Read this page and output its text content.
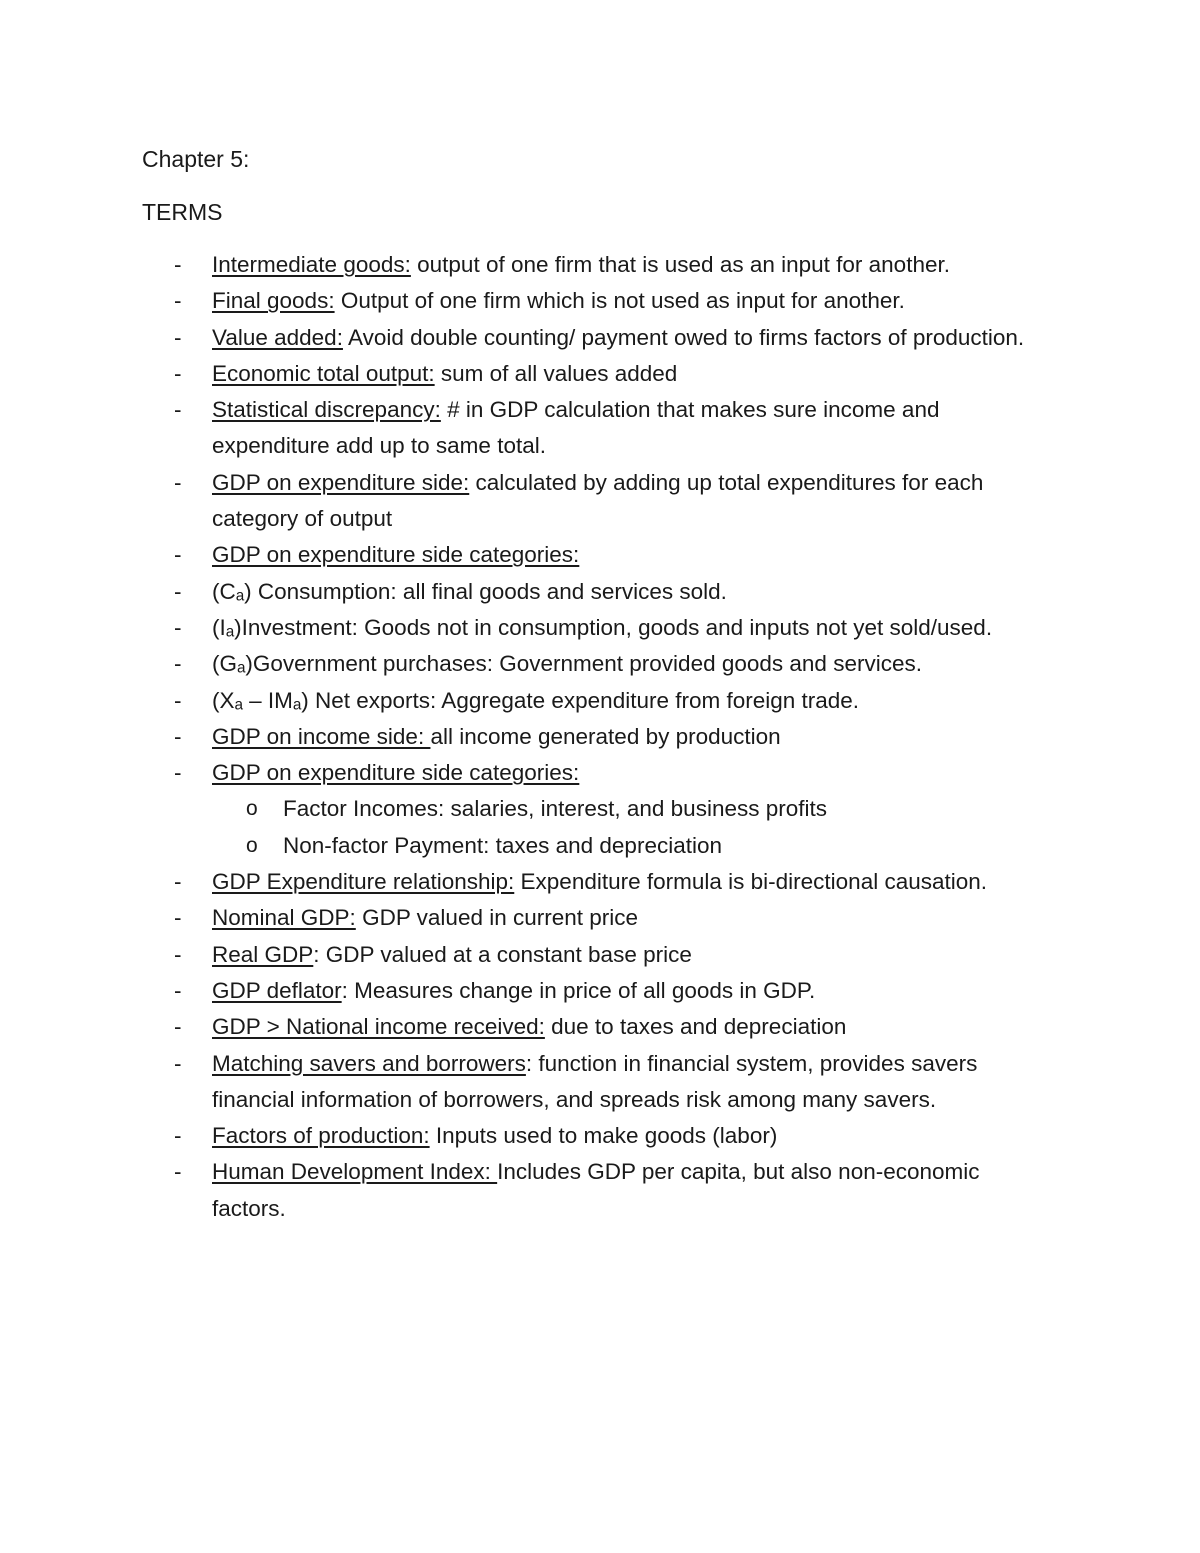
Chapter 5:
TERMS
- Intermediate goods: output of one firm that is used as an input for another.
- Final goods: Output of one firm which is not used as input for another.
- Value added: Avoid double counting/ payment owed to firms factors of production.
- Economic total output: sum of all values added
- Statistical discrepancy: # in GDP calculation that makes sure income and expenditure add up to same total.
- GDP on expenditure side: calculated by adding up total expenditures for each category of output
- GDP on expenditure side categories:
- (Cₐ) Consumption: all final goods and services sold.
- (Iₐ)Investment: Goods not in consumption, goods and inputs not yet sold/used.
- (Gₐ)Government purchases: Government provided goods and services.
- (Xₐ – IMₐ) Net exports: Aggregate expenditure from foreign trade.
- GDP on income side: all income generated by production
- GDP on expenditure side categories:
o Factor Incomes: salaries, interest, and business profits
o Non-factor Payment: taxes and depreciation
- GDP Expenditure relationship: Expenditure formula is bi-directional causation.
- Nominal GDP: GDP valued in current price
- Real GDP: GDP valued at a constant base price
- GDP deflator: Measures change in price of all goods in GDP.
- GDP > National income received: due to taxes and depreciation
- Matching savers and borrowers: function in financial system, provides savers financial information of borrowers, and spreads risk among many savers.
- Factors of production: Inputs used to make goods (labor)
- Human Development Index: Includes GDP per capita, but also non-economic factors.
